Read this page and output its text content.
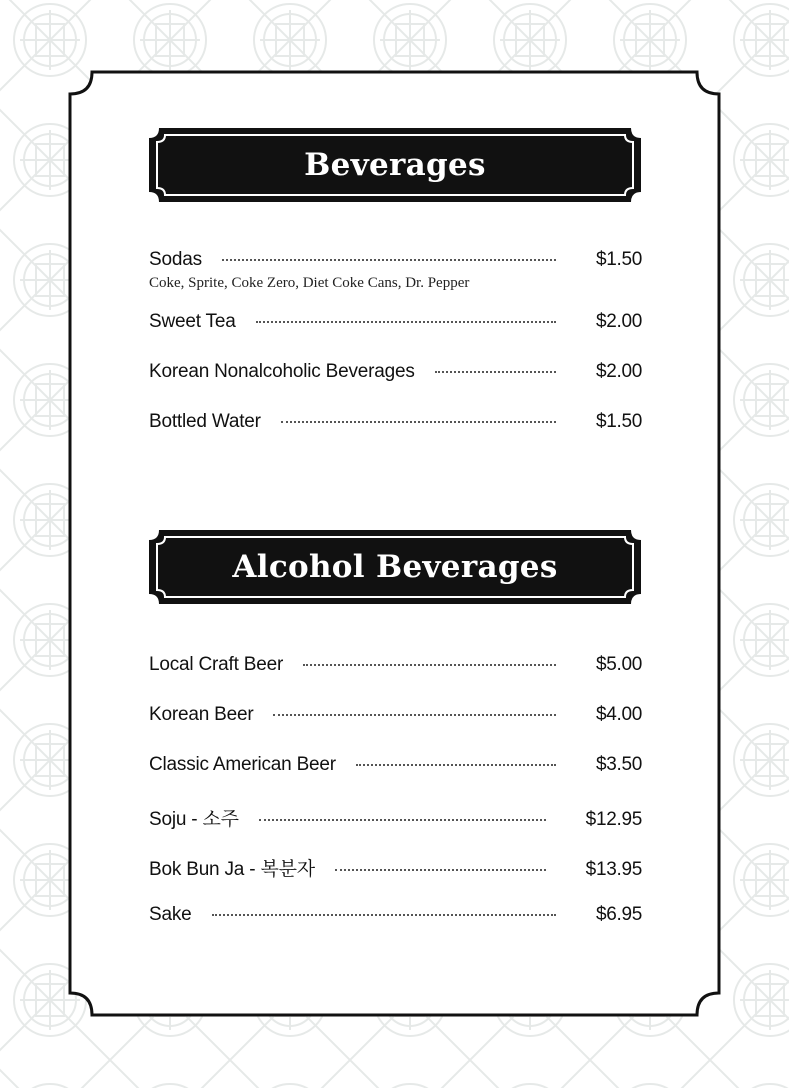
Beverages
Sodas	$1.50
Coke, Sprite, Coke Zero, Diet Coke Cans, Dr. Pepper
Sweet Tea	$2.00
Korean Nonalcoholic Beverages	$2.00
Bottled Water	$1.50
Alcohol Beverages
Local Craft Beer	$5.00
Korean Beer	$4.00
Classic American Beer	$3.50
Soju - 소주	$12.95
Bok Bun Ja - 복분자	$13.95
Sake	$6.95
